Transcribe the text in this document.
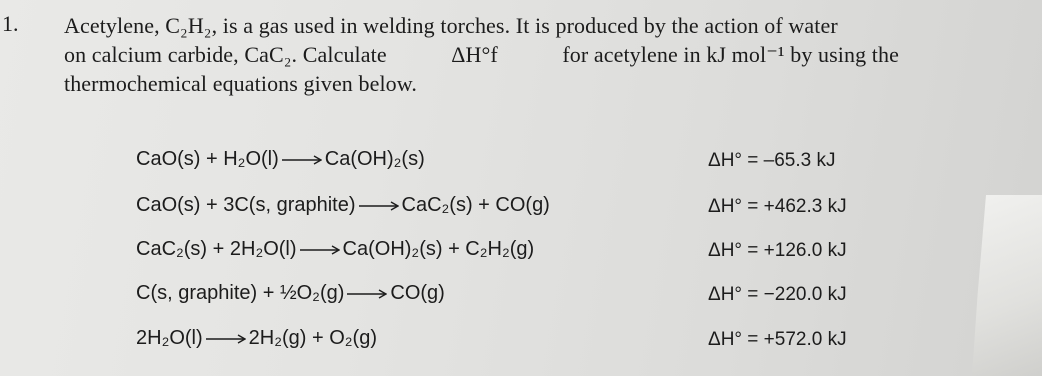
1. Acetylene, C₂H₂, is a gas used in welding torches. It is produced by the action of water
on calcium carbide, CaC₂. Calculate	ΔH°f	for acetylene in kJ mol⁻¹ by using the
thermochemical equations given below.
CaO(s) + H₂O(l) → Ca(OH)₂(s)	ΔH° = –65.3 kJ
CaO(s) + 3C(s, graphite) → CaC₂(s) + CO(g)	ΔH° = +462.3 kJ
CaC₂(s) + 2H₂O(l) → Ca(OH)₂(s) + C₂H₂(g)	ΔH° = +126.0 kJ
C(s, graphite) + ½O₂(g) → CO(g)	ΔH° = −220.0 kJ
2H₂O(l) → 2H₂(g) + O₂(g)	ΔH° = +572.0 kJ
